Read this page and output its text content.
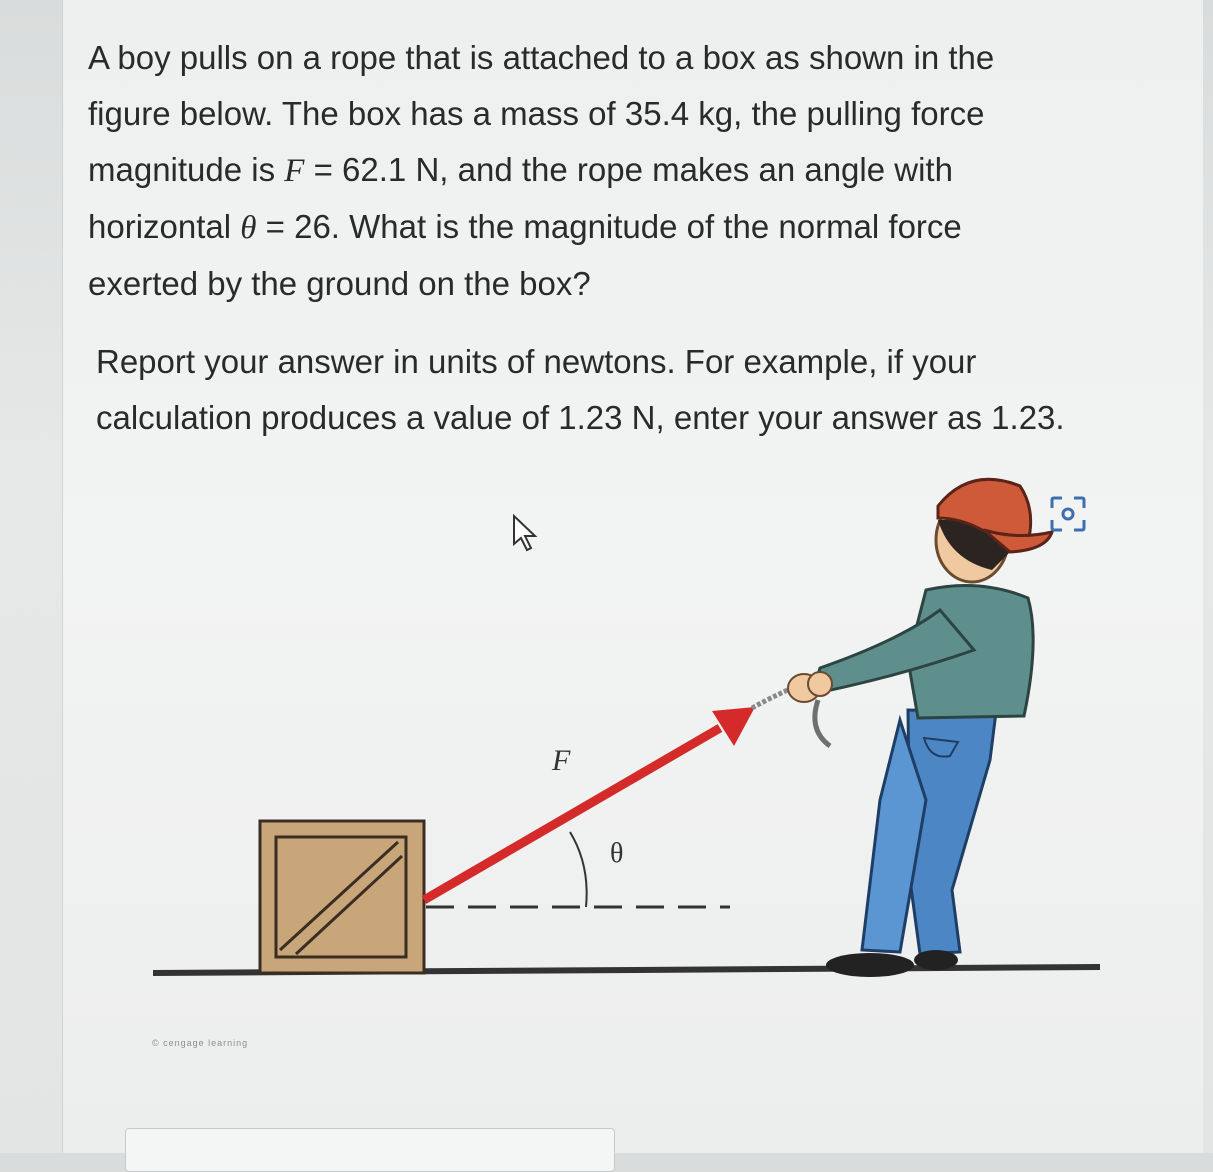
A boy pulls on a rope that is attached to a box as shown in the

figure below. The box has a mass of 35.4 kg, the pulling force

magnitude is F = 62.1 N, and the rope makes an angle with

horizontal θ = 26. What is the magnitude of the normal force

exerted by the ground on the box?

Report your answer in units of newtons. For example, if your

calculation produces a value of 1.23 N, enter your answer as 1.23.

F
θ
© cengage learning
